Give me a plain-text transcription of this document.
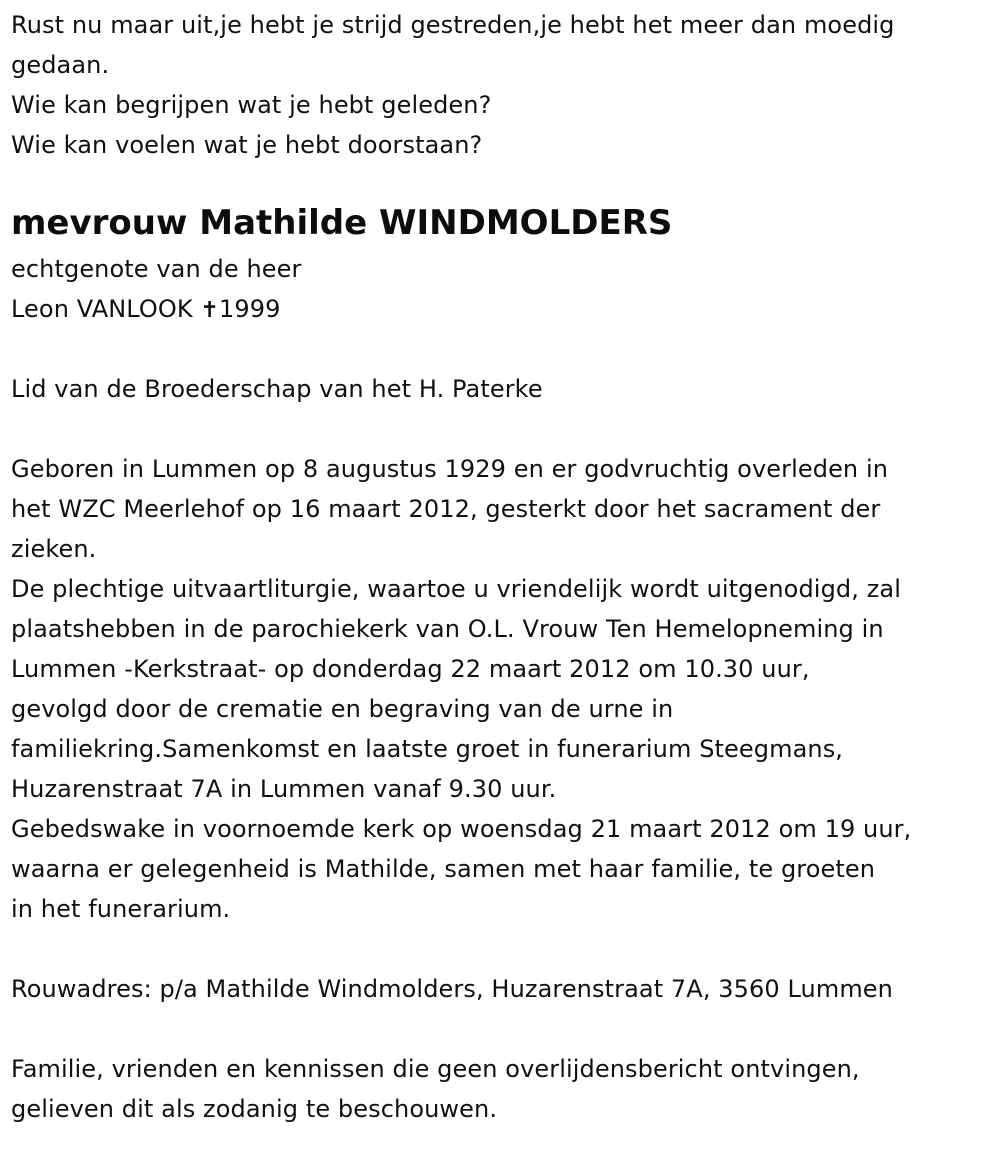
Rust nu maar uit,je hebt je strijd gestreden,je hebt het meer dan moedig
gedaan.
Wie kan begrijpen wat je hebt geleden?
Wie kan voelen wat je hebt doorstaan?
mevrouw Mathilde WINDMOLDERS
echtgenote van de heer
Leon VANLOOK ✝1999
Lid van de Broederschap van het H. Paterke
Geboren in Lummen op 8 augustus 1929 en er godvruchtig overleden in
het WZC Meerlehof op 16 maart 2012, gesterkt door het sacrament der
zieken.
De plechtige uitvaartliturgie, waartoe u vriendelijk wordt uitgenodigd, zal
plaatshebben in de parochiekerk van O.L. Vrouw Ten Hemelopneming in
Lummen -Kerkstraat- op donderdag 22 maart 2012 om 10.30 uur,
gevolgd door de crematie en begraving van de urne in
familiekring.Samenkomst en laatste groet in funerarium Steegmans,
Huzarenstraat 7A in Lummen vanaf 9.30 uur.
Gebedswake in voornoemde kerk op woensdag 21 maart 2012 om 19 uur,
waarna er gelegenheid is Mathilde, samen met haar familie, te groeten
in het funerarium.
Rouwadres: p/a Mathilde Windmolders, Huzarenstraat 7A, 3560 Lummen
Familie, vrienden en kennissen die geen overlijdensbericht ontvingen,
gelieven dit als zodanig te beschouwen.
